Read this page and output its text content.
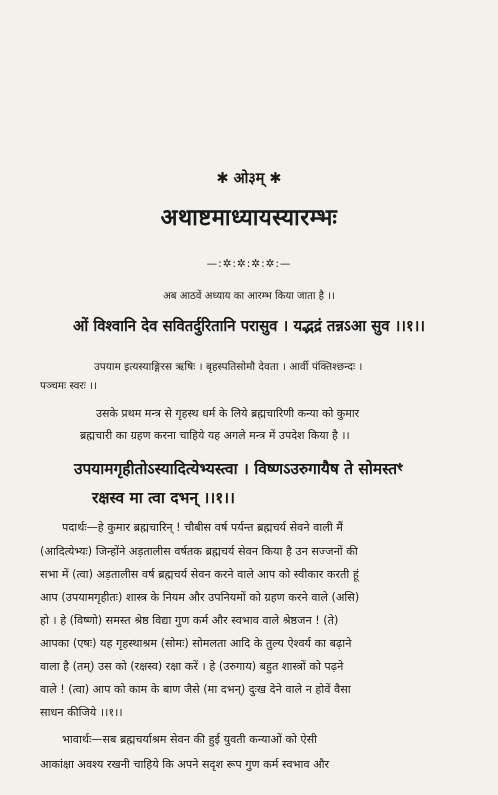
✱ ओ३म् ✱
अथाष्टमाध्यायस्यारम्भः
—:✲:✲:✲:✲:—
अब आठवें अध्याय का आरम्भ किया जाता है ।।
ओं विश्वानि देव सवितर्दुरितानि परासुव । यद्भद्रं तन्नऽआ सुव ।।१।।
उपयाम इत्यस्याङ्गिरस ऋषिः । बृहस्पतिसोमौ देवता । आर्वी पंक्तिश्छन्दः ।
पञ्चमः स्वरः ।।
उसके प्रथम मन्त्र से गृहस्थ धर्म के लिये ब्रह्मचारिणी कन्या को कुमार
ब्रह्मचारी का ग्रहण करना चाहिये यह अगले मन्त्र में उपदेश किया है ।।
उपयामगृहीतोऽस्यादित्येभ्यस्त्वा । विष्णऽउरुगायैष ते सोमस्तꣳ
रक्षस्व मा त्वा दभन् ।।१।।
पदार्थः—हे कुमार ब्रह्मचारिन् ! चौबीस वर्ष पर्यन्त ब्रह्मचर्य सेवने वाली मैं
(आदित्येभ्यः) जिन्होंने अड़तालीस वर्षतक ब्रह्मचर्य सेवन किया है उन सज्जनों की
सभा में (त्वा) अड़तालीस वर्ष ब्रह्मचर्य सेवन करने वाले आप को स्वीकार करती हूं
आप (उपयामगृहीतः) शास्त्र के नियम और उपनियमों को ग्रहण करने वाले (असि)
हो । हे (विष्णो) समस्त श्रेष्ठ विद्या गुण कर्म और स्वभाव वाले श्रेष्ठजन ! (ते)
आपका (एषः) यह गृहस्थाश्रम (सोमः) सोमलता आदि के तुल्य ऐश्वर्य का बढ़ाने
वाला है (तम्) उस को (रक्षस्व) रक्षा करें । हे (उरुगाय) बहुत शास्त्रों को पढ़ने
वाले ! (त्वा) आप को काम के बाण जैसे (मा दभन्) दुःख देने वाले न होवें वैसा
साधन कीजिये ।।१।।
भावार्थः—सब ब्रह्मचर्याश्रम सेवन की हुई युवती कन्याओं को ऐसी
आकांक्षा अवश्य रखनी चाहिये कि अपने सदृश रूप गुण कर्म स्वभाव और
